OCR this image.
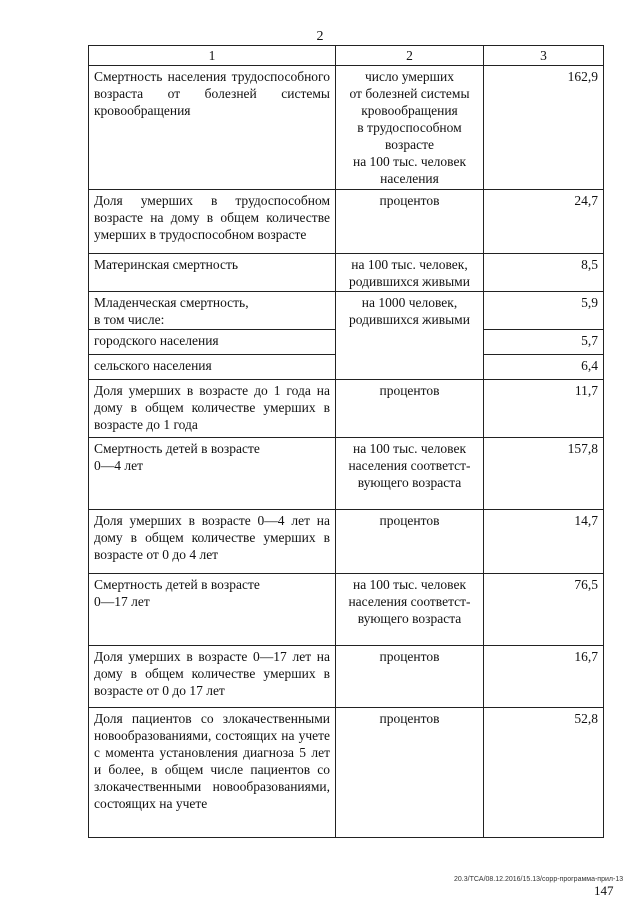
2
1	2	3
Смертность населения трудоспособного возраста от болезней системы кровообращения	число умерших
от болезней системы кровообращения
в трудоспособном возрасте
на 100 тыс. человек населения	162,9
Доля умерших в трудоспособном возрасте на дому в общем количестве умерших в трудоспособном возрасте	процентов	24,7
Материнская смертность	на 100 тыс. человек, родившихся живыми	8,5
Младенческая смертность,
в том числе:	на 1000 человек, родившихся живыми	5,9
городского населения		5,7
сельского населения		6,4
Доля умерших в возрасте до 1 года на дому в общем количестве умерших в возрасте до 1 года	процентов	11,7
Смертность детей в возрасте
0—4 лет	на 100 тыс. человек населения соответствующего возраста	157,8
Доля умерших в возрасте 0—4 лет на дому в общем количестве умерших в возрасте от 0 до 4 лет	процентов	14,7
Смертность детей в возрасте
0—17 лет	на 100 тыс. человек населения соответствующего возраста	76,5
Доля умерших в возрасте 0—17 лет на дому в общем количестве умерших в возрасте от 0 до 17 лет	процентов	16,7
Доля пациентов со злокачественными новообразованиями, состоящих на учете с момента установления диагноза 5 лет и более, в общем числе пациентов со злокачественными новообразованиями, состоящих на учете	процентов	52,8
20.3/TCA/08.12.2016/15.13/сорр-программа-прил-13
147
